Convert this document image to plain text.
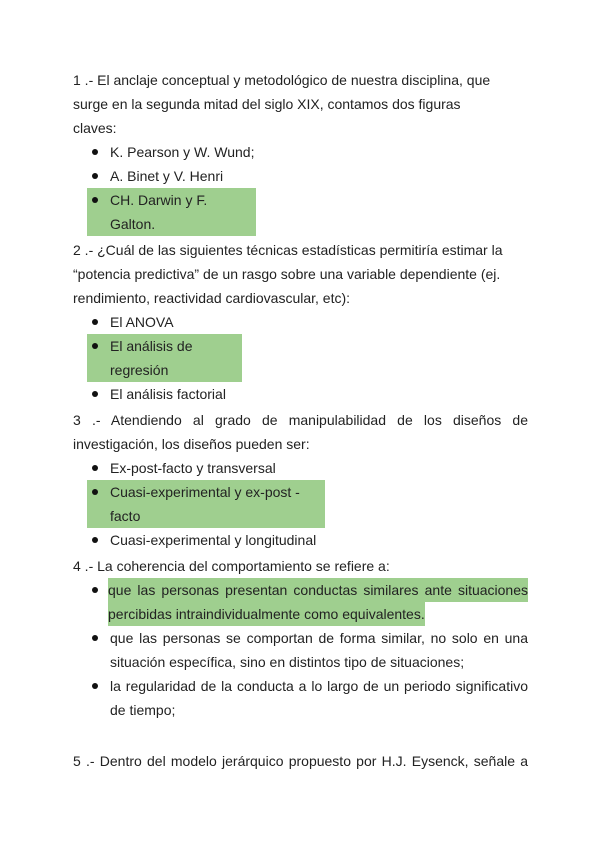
1 .- El anclaje conceptual y metodológico de nuestra disciplina, que

surge en la segunda mitad del siglo XIX, contamos dos figuras

claves:

K. Pearson y W. Wund;
A. Binet y V. Henri
CH. Darwin y F. Galton.

2 .- ¿Cuál de las siguientes técnicas estadísticas permitiría estimar la

“potencia predictiva” de un rasgo sobre una variable dependiente (ej.

rendimiento, reactividad cardiovascular, etc):

El ANOVA
El análisis de regresión
El análisis factorial

3 .- Atendiendo al grado de manipulabilidad de los diseños de

investigación, los diseños pueden ser:

Ex-post-facto y transversal
Cuasi-experimental y ex-post - facto
Cuasi-experimental y longitudinal

4 .- La coherencia del comportamiento se refiere a:

que las personas presentan conductas similares ante situaciones
percibidas intraindividualmente como equivalentes.
que las personas se comportan de forma similar, no solo en una
situación específica, sino en distintos tipo de situaciones;
la regularidad de la conducta a lo largo de un periodo significativo
de tiempo;

5 .- Dentro del modelo jerárquico propuesto por H.J. Eysenck, señale a
